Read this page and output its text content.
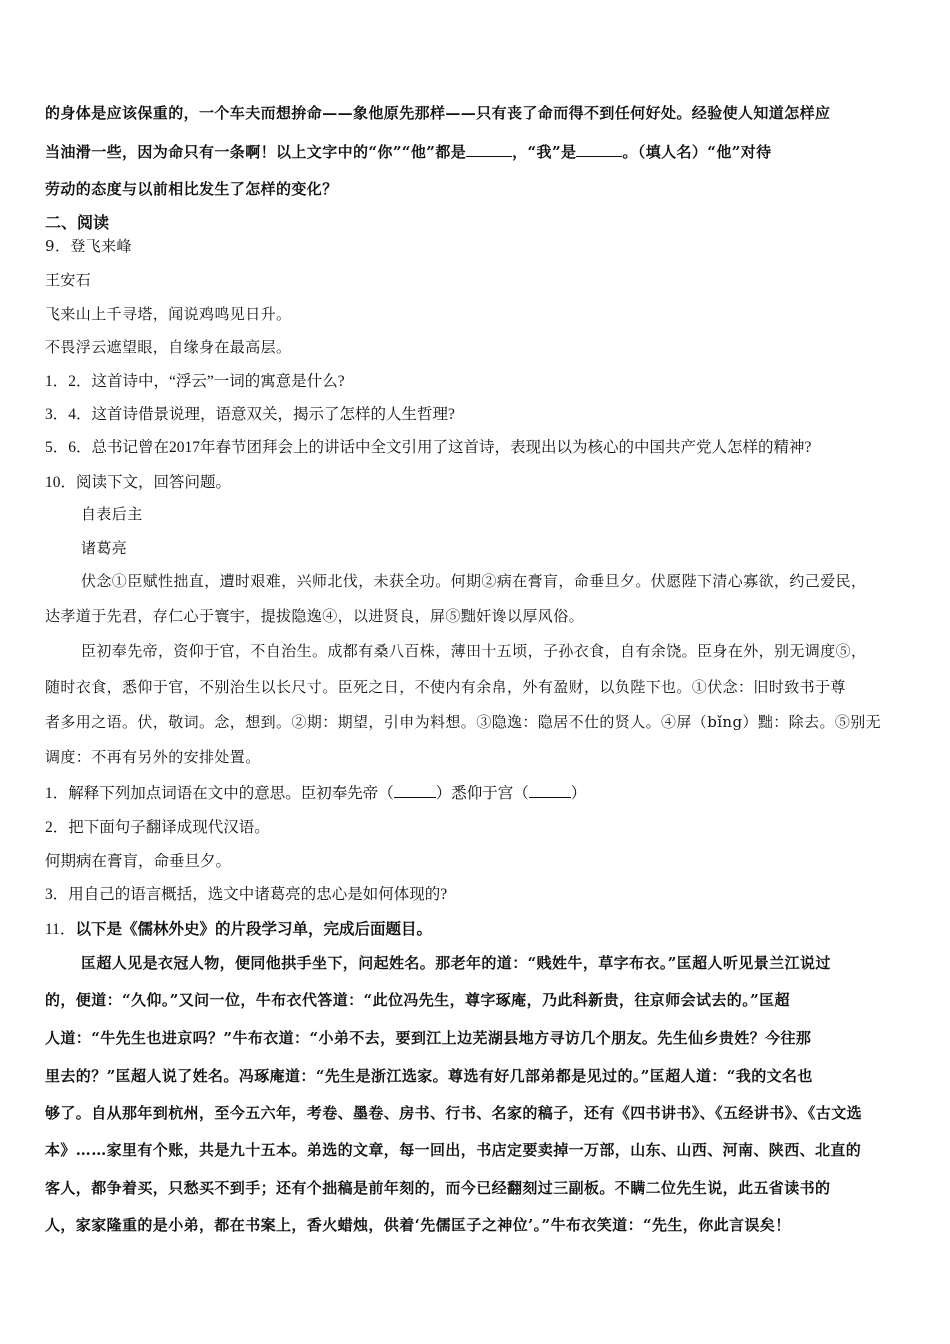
的身体是应该保重的，一个车夫而想拚命——象他原先那样——只有丧了命而得不到任何好处。经验使人知道怎样应
当油滑一些，因为命只有一条啊！以上文字中的“你”“他”都是	，“我”是	。（填人名）“他”对待
劳动的态度与以前相比发生了怎样的变化？
二、阅读
9．登飞来峰
王安石
飞来山上千寻塔，闻说鸡鸣见日升。
不畏浮云遮望眼，自缘身在最高层。
1．2．这首诗中，“浮云”一词的寓意是什么?
3．4．这首诗借景说理，语意双关，揭示了怎样的人生哲理?
5．6．总书记曾在2017年春节团拜会上的讲话中全文引用了这首诗，表现出以为核心的中国共产党人怎样的精神?
10．阅读下文，回答问题。
自表后主
诸葛亮
伏念①臣赋性拙直，遭时艰难，兴师北伐，未获全功。何期②病在膏肓，命垂旦夕。伏愿陛下清心寡欲，约己爱民，
达孝道于先君，存仁心于寰宇，提拔隐逸④，以进贤良，屏⑤黜奸谗以厚风俗。
臣初奉先帝，资仰于官，不自治生。成都有桑八百株，薄田十五顷，子孙衣食，自有余饶。臣身在外，别无调度⑤，
随时衣食，悉仰于官，不别治生以长尺寸。臣死之日，不使内有余帛，外有盈财，以负陛下也。①伏念：旧时致书于尊
者多用之语。伏，敬词。念，想到。②期：期望，引申为料想。③隐逸：隐居不仕的贤人。④屏（bǐng）黜：除去。⑤别无
调度：不再有另外的安排处置。
1．解释下列加点词语在文中的意思。臣初奉先帝（	）悉仰于宫（	）
2．把下面句子翻译成现代汉语。
何期病在膏肓，命垂旦夕。
3．用自己的语言概括，选文中诸葛亮的忠心是如何体现的?
11．以下是《儒林外史》的片段学习单，完成后面题目。
匡超人见是衣冠人物，便同他拱手坐下，问起姓名。那老年的道：“贱姓牛，草字布衣。”匡超人听见景兰江说过
的，便道：“久仰。”又问一位，牛布衣代答道：“此位冯先生，尊字琢庵，乃此科新贵，往京师会试去的。”匡超
人道：“牛先生也进京吗？”牛布衣道：“小弟不去，要到江上边芜湖县地方寻访几个朋友。先生仙乡贵姓？今往那
里去的？”匡超人说了姓名。冯琢庵道：“先生是浙江选家。尊选有好几部弟都是见过的。”匡超人道：“我的文名也
够了。自从那年到杭州，至今五六年，考卷、墨卷、房书、行书、名家的稿子，还有《四书讲书》、《五经讲书》、《古文选
本》……家里有个账，共是九十五本。弟选的文章，每一回出，书店定要卖掉一万部，山东、山西、河南、陕西、北直的
客人，都争着买，只愁买不到手；还有个拙稿是前年刻的，而今已经翻刻过三副板。不瞒二位先生说，此五省读书的
人，家家隆重的是小弟，都在书案上，香火蜡烛，供着‘先儒匡子之神位’。”牛布衣笑道：“先生，你此言误矣！
